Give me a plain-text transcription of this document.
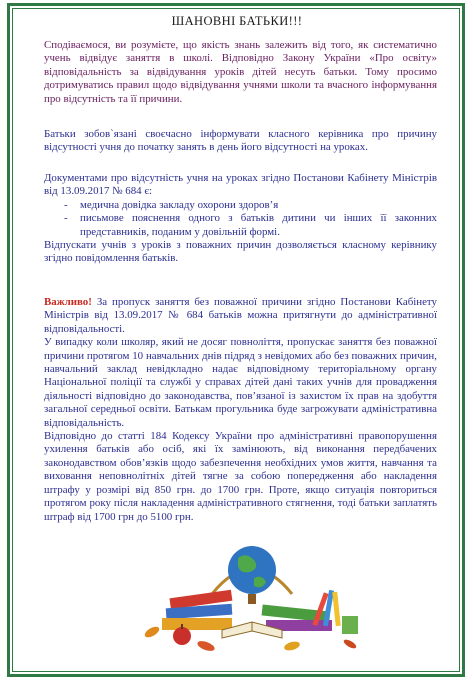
ШАНОВНІ БАТЬКИ!!!
Сподіваємося, ви розумієте, що якість знань залежить від того, як систематично учень відвідує заняття в школі. Відповідно Закону України «Про освіту» відповідальність за відвідування уроків дітей несуть батьки. Тому просимо дотримуватись правил щодо відвідування учнями школи та вчасного інформування про відсутність та її причини.
Батьки зобов`язані своєчасно інформувати класного керівника про причину відсутності учня до початку занять в день його відсутності на уроках.

Документами про відсутність учня на уроках згідно Постанови Кабінету Міністрів від 13.09.2017 № 684 є:

- медична довідка закладу охорони здоров’я
- письмове пояснення одного з батьків дитини чи інших її законних представників, поданим у довільній формі.

Відпускати учнів з уроків з поважних причин дозволяється класному керівнику згідно повідомлення батьків.

Важливо! За пропуск заняття без поважної причини згідно Постанови Кабінету Міністрів від 13.09.2017 № 684 батьків можна притягнути до адміністративної відповідальності.

У випадку коли школяр, який не досяг повноліття, пропускає заняття без поважної причини протягом 10 навчальних днів підряд з невідомих або без поважних причин, навчальний заклад невідкладно надає відповідному територіальному органу Національної поліції та службі у справах дітей дані таких учнів для провадження діяльності відповідно до законодавства, пов’язаної із захистом їх прав на здобуття загальної середньої освіти. Батькам прогульника буде загрожувати адміністративна відповідальність.

Відповідно до статті 184 Кодексу України про адміністративні правопорушення ухилення батьків або осіб, які їх замінюють, від виконання передбачених законодавством обов’язків щодо забезпечення необхідних умов життя, навчання та виховання неповнолітніх дітей тягне за собою попередження або накладення штрафу у розмірі від 850 грн. до 1700 грн. Проте, якщо ситуація повториться протягом року після накладення адміністративного стягнення, тоді батьки заплатять штраф від 1700 грн до 5100 грн.
